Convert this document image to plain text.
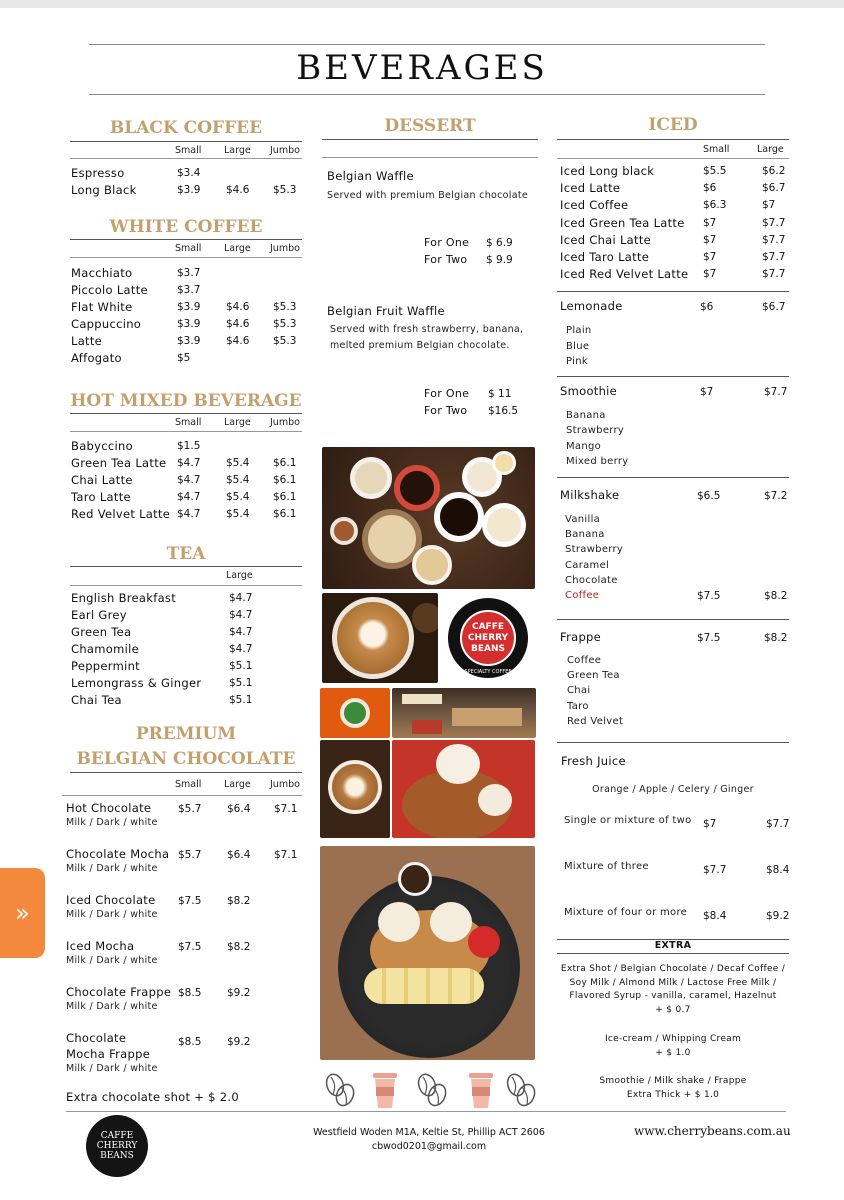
BEVERAGES
BLACK COFFEE
Small Large Jumbo
WHITE COFFEE
Small Large Jumbo
HOT MIXED BEVERAGE
Small Large Jumbo
TEA
Large
PREMIUM
BELGIAN CHOCOLATE
Small Large Jumbo
Extra chocolate shot + $ 2.0
DESSERT
Belgian Waffle
Served with premium Belgian chocolate
For One $ 6.9
For Two $ 9.9
Belgian Fruit Waffle
Served with fresh strawberry, banana,
melted premium Belgian chocolate.
For One $ 11
For Two $16.5
CAFFE
CHERRY
BEANS
SPECIALTY COFFEE
ICED
Small	Large
EXTRA
CAFFE
CHERRY
BEANS
Westfield Woden M1A, Keltie St, Phillip ACT 2606
cbwod0201@gmail.com
www.cherrybeans.com.au
»
Espresso	$3.4
Long Black	$3.9 $4.6 $5.3
Macchiato	$3.7
Piccolo Latte	$3.7
Flat White	$3.9 $4.6 $5.3
Cappuccino	$3.9 $4.6 $5.3
Latte	$3.9 $4.6 $5.3
Affogato	$5
Babyccino	$1.5
Green Tea Latte $4.7 $5.4 $6.1
Chai Latte	$4.7 $5.4 $6.1
Taro Latte	$4.7 $5.4 $6.1
Red Velvet Latte $4.7 $5.4 $6.1
English Breakfast	$4.7
Earl Grey	$4.7
Green Tea	$4.7
Chamomile	$4.7
Peppermint	$5.1
Lemongrass & Ginger	$5.1
Chai Tea	$5.1
Hot Chocolate
Milk / Dark / white
$5.7 $6.4 $7.1
Chocolate Mocha
Milk / Dark / white
$5.7 $6.4 $7.1
Iced Chocolate
Milk / Dark / white
$7.5 $8.2
Iced Mocha
Milk / Dark / white
$7.5 $8.2
Chocolate Frappe
Milk / Dark / white
$8.5 $9.2
Chocolate
Mocha Frappe
Milk / Dark / white
$8.5 $9.2
Iced Long black	$5.5	$6.2
Iced Latte	$6	$6.7
Iced Coffee	$6.3	$7
Iced Green Tea Latte $7	$7.7
Iced Chai Latte	$7	$7.7
Iced Taro Latte	$7	$7.7
Iced Red Velvet Latte $7	$7.7
Lemonade	$6	$6.7
Plain
Blue
Pink
Smoothie	$7	$7.7
Banana
Strawberry
Mango
Mixed berry
Milkshake	$6.5	$7.2
Vanilla
Banana
Strawberry
Caramel
Chocolate
Coffee	$7.5	$8.2
Frappe	$7.5	$8.2
Coffee
Green Tea
Chai
Taro
Red Velvet
Fresh Juice
Orange / Apple / Celery / Ginger
Single or mixture of two $7	$7.7
Mixture of three	$7.7	$8.4
Mixture of four or more $8.4	$9.2
Extra Shot / Belgian Chocolate / Decaf Coffee /
Soy Milk / Almond Milk / Lactose Free Milk /
Flavored Syrup - vanilla, caramel, Hazelnut
+ $ 0.7
Ice-cream / Whipping Cream
+ $ 1.0
Smoothie / Milk shake / Frappe
Extra Thick + $ 1.0
